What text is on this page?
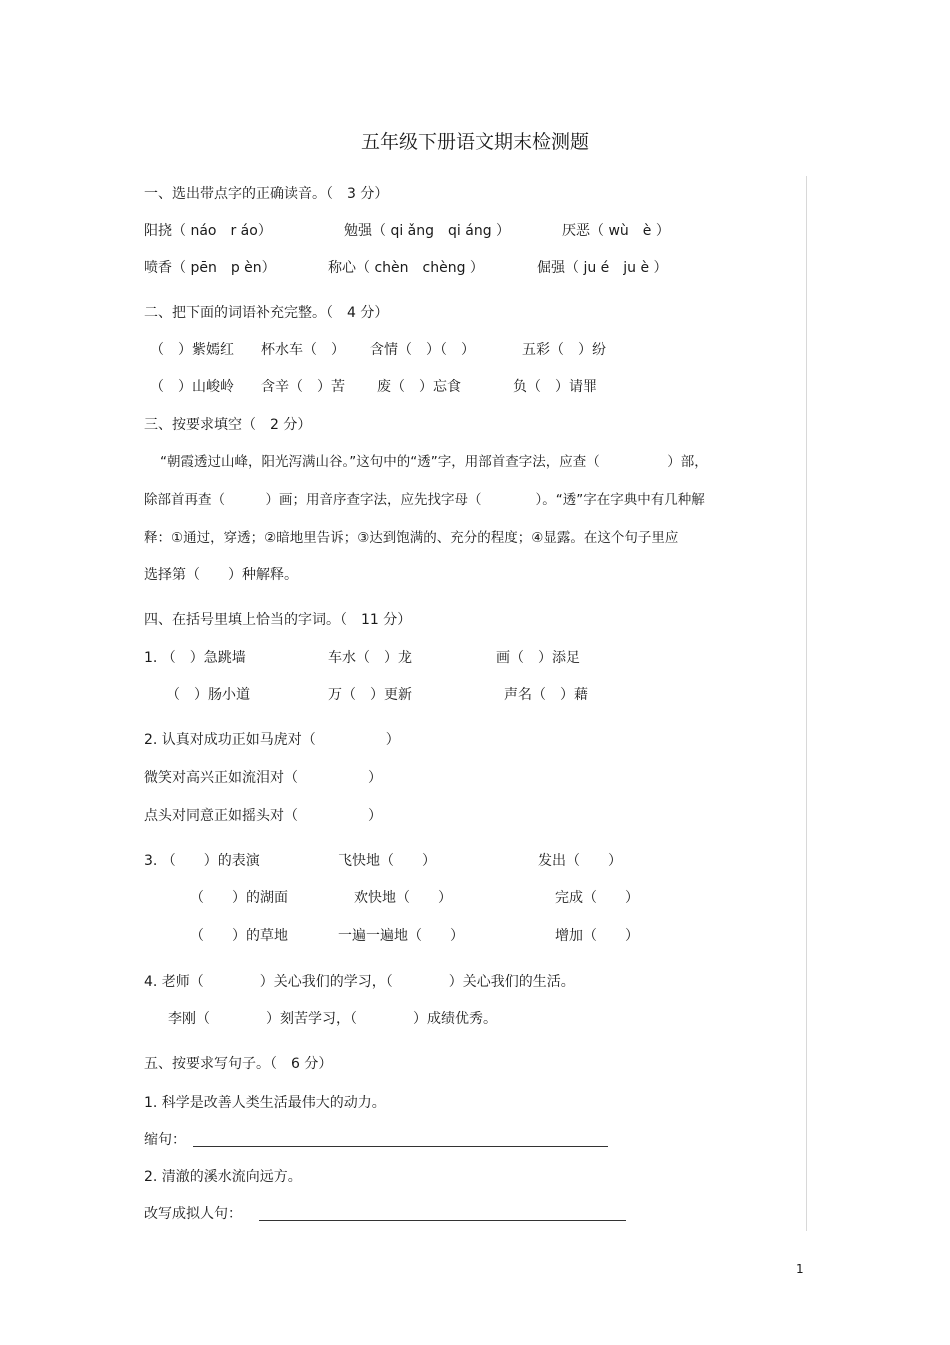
五年级下册语文期末检测题
一、选出带点字的正确读音。（　3 分）
阳挠（ náo　r áo）	勉强（ qi ǎng　qi áng ）	厌恶（ wù　è ）
喷香（ pēn　p èn）	称心（ chèn　chèng ）	倔强（ ju é　ju è ）
二、把下面的词语补充完整。（　4 分）
（　）紫嫣红 杯水车（　） 含情（　）（　）	五彩（　）纷
（　）山峻岭 含辛（　）苦 废（　）忘食	负（　）请罪
三、按要求填空（　2 分）
“朝霞透过山峰，阳光泻满山谷。”这句中的“透”字，用部首查字法，应查（　　　　　）部，
除部首再查（　　　）画；用音序查字法，应先找字母（　　　　）。“透”字在字典中有几种解
释：①通过，穿透；②暗地里告诉；③达到饱满的、充分的程度；④显露。在这个句子里应
选择第（　　）种解释。
四、在括号里填上恰当的字词。（　11 分）
1. （　）急跳墙	车水（　）龙	画（　）添足
（　）肠小道	万（　）更新	声名（　）藉
2. 认真对成功正如马虎对（　　　　　）
微笑对高兴正如流泪对（　　　　　）
点头对同意正如摇头对（　　　　　）
3. （　　）的表演	飞快地（　　）	发出（　　）
（　　）的湖面	欢快地（　　）	完成（　　）
（　　）的草地	一遍一遍地（　　）	增加（　　）
4. 老师（　　　　）关心我们的学习，（　　　　）关心我们的生活。
李刚（　　　　）刻苦学习，（　　　　）成绩优秀。
五、按要求写句子。（　6 分）
1. 科学是改善人类生活最伟大的动力。
缩句：
2. 清澈的溪水流向远方。
改写成拟人句：
1
